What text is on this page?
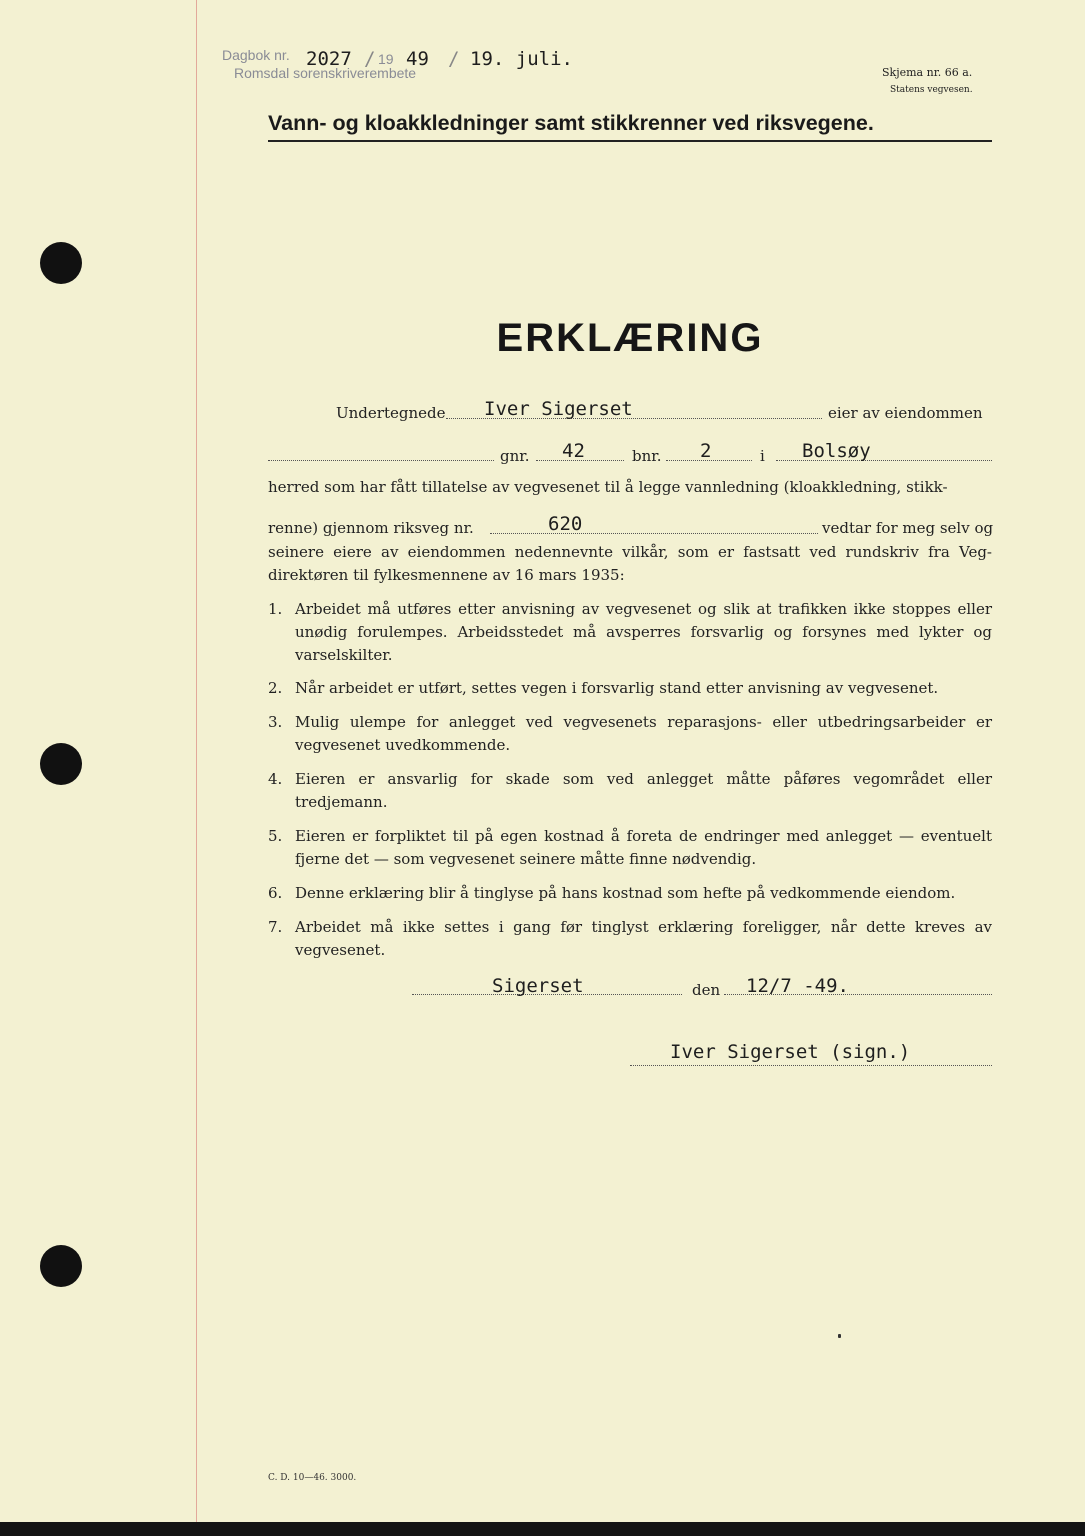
Dagbok nr.
Romsdal sorenskriverembete
2027 / 19 49 / 19. juli.
Skjema nr. 66 a.
Statens vegvesen.
Vann- og kloakkledninger samt stikkrenner ved riksvegene.
ERKLÆRING
Undertegnede Iver Sigerset	eier av eiendommen
gnr. 42	bnr. 2	i Bolsøy
herred som har fått tillatelse av vegvesenet til å legge vannledning (kloakkledning, stikk-
renne) gjennom riksveg nr.	620	vedtar for meg selv og
seinere eiere av eiendommen nedennevnte vilkår, som er fastsatt ved rundskriv fra Veg-direktøren til fylkesmennene av 16 mars 1935:
1. Arbeidet må utføres etter anvisning av vegvesenet og slik at trafikken ikke stoppes eller unødig forulempes. Arbeidsstedet må avsperres forsvarlig og forsynes med lykter og varselskilter.
2. Når arbeidet er utført, settes vegen i forsvarlig stand etter anvisning av vegvesenet.
3. Mulig ulempe for anlegget ved vegvesenets reparasjons- eller utbedringsarbeider er vegvesenet uvedkommende.
4. Eieren er ansvarlig for skade som ved anlegget måtte påføres vegområdet eller tredjemann.
5. Eieren er forpliktet til på egen kostnad å foreta de endringer med anlegget — eventuelt fjerne det — som vegvesenet seinere måtte finne nødvendig.
6. Denne erklæring blir å tinglyse på hans kostnad som hefte på vedkommende eiendom.
7. Arbeidet må ikke settes i gang før tinglyst erklæring foreligger, når dette kreves av vegvesenet.
Sigerset	den 12/7 -49.
Iver Sigerset (sign.)
C. D. 10—46. 3000.
